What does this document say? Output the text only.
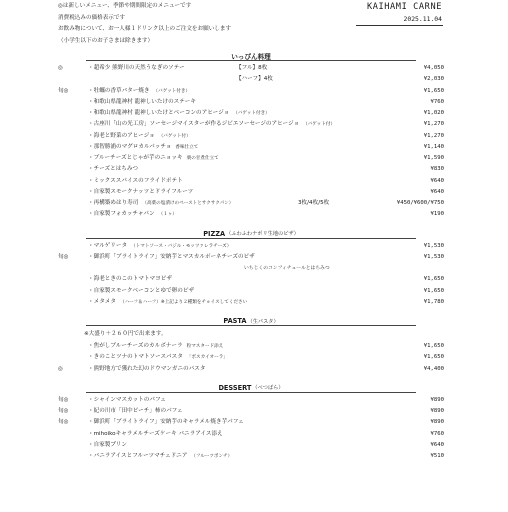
◎は新しいメニュー、季節や期間限定のメニューです
消費税込みの価格表示です
お飲み物について、お一人様１ドリンク以上のご注文をお願いします
（小学生以下のお子さまは除きます）
KAIHAMI CARNE
2025.11.04
いっぴん料理
◎	・超希少 熊野川の天然うなぎのソテー	【フル】8枚	¥4,050
【ハーフ】4枚	¥2,030
旬◎	・牡蠣の香草バター焼き （バゲット付き）	¥1,650
・和歌山県龍神村 龍神しいたけのステーキ	¥760
・和歌山県龍神村 龍神しいたけとベーコンのアヒージョ （バゲット付き）	¥1,020
・古座川「山の光工房」ソーセージマイスターが作るジビエソーセージのアヒージョ （バゲット付）	¥1,270
・海老と野菜のアヒージョ （バゲット付）	¥1,270
・那智勝浦のマグロカルパッチョ 香味仕立て	¥1,140
・ブルーチーズとじゃが芋のニョッキ 栗の甘煮仕立て	¥1,590
・チーズとはちみつ	¥830
・ミックススパイスのフライドポテト	¥640
・自家製スモークナッツとドライフルーツ	¥640
・再構築めはり寿司 （高菜の塩漬けのペーストとサクサクパン）	3枚/4枚/5枚	¥450/¥600/¥750
・自家製フォカッチャパン （１ヶ）	¥190
PIZZA （ふわふわナポリ生地のピザ）
・マルゲリータ （トマトソース・バジル・モッツァレラチーズ）	¥1,530
旬◎	・御浜町「ブライトライフ」安納芋とマスカルポーネチーズのピザ	¥1,530
いちじくのコンフィチュールとはちみつ
・海老ときのこのトマトマヨピザ	¥1,650
・自家製スモークベーコンとゆで卵のピザ	¥1,650
・メタメタ （ハーフ＆ハーフ）※上記より２種類をチョイスしてください	¥1,780
PASTA （生パスタ）
※大盛り＋２６０円で出来ます。
・焦がしブルーチーズのカルボナーラ 粒マスタード添え	¥1,650
・きのことツナのトマトソースパスタ 「ボスカイオーラ」	¥1,650
◎	・熊野地方で獲れた幻のドウマンガニのパスタ	¥4,400
DESSERT （べつばら）
旬◎	・シャインマスカットのパフェ	¥890
旬◎	・紀の川市「田中ピーチ」柿のパフェ	¥890
旬◎	・御浜町「ブライトライフ」安納芋のキャラメル焼き芋パフェ	¥890
・mihoikoキャラメルチーズケーキ バニラアイス添え	¥760
・自家製プリン	¥640
・バニラアイスとフルーツマチェドニア （フルーツポンチ）	¥510
